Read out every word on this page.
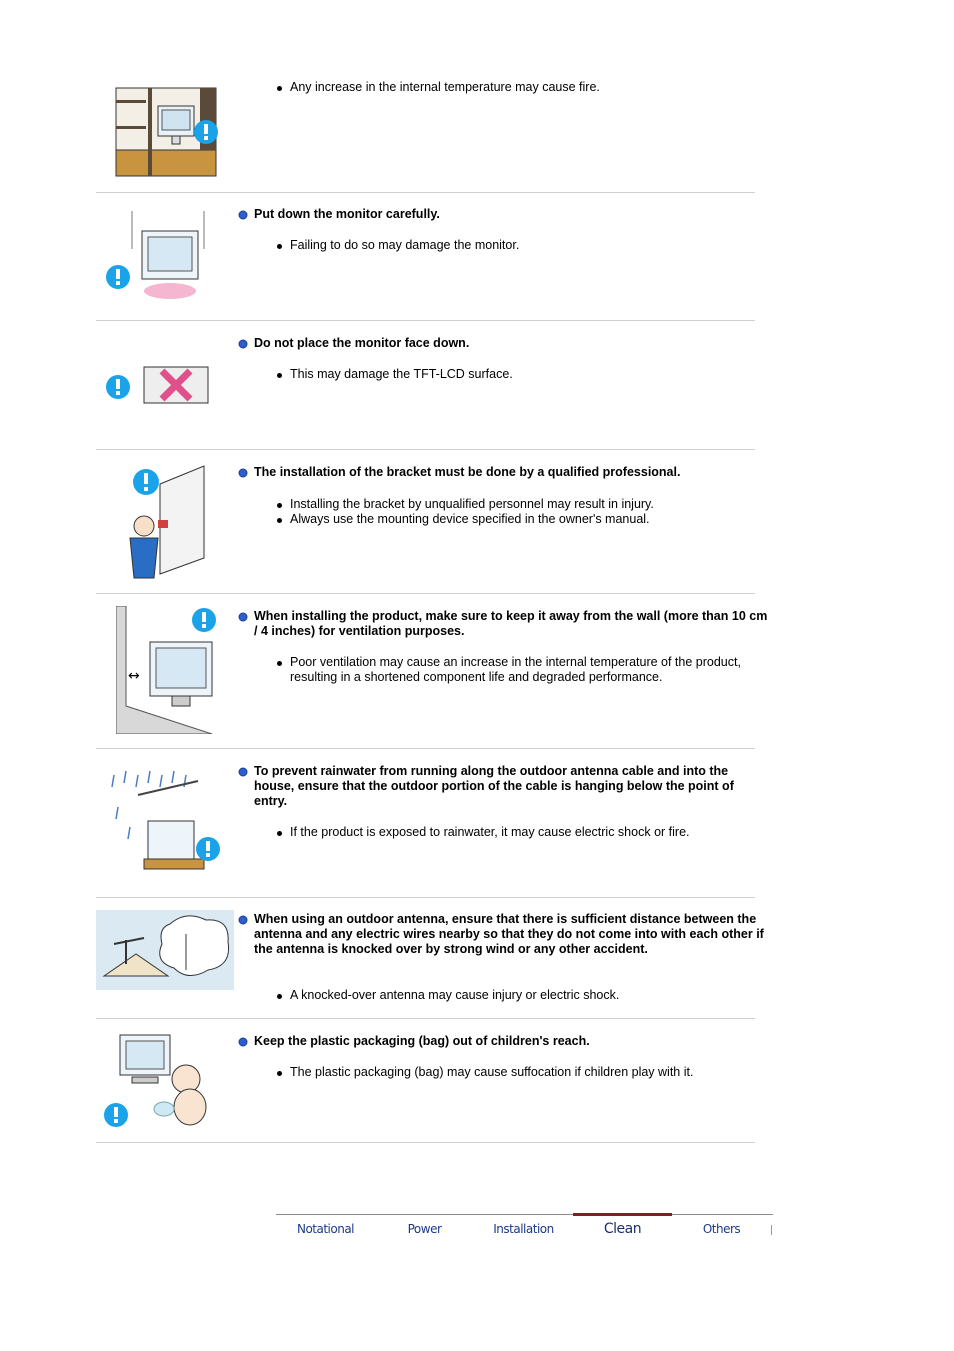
Any increase in the internal temperature may cause fire.
Put down the monitor carefully.
Failing to do so may damage the monitor.
Do not place the monitor face down.
This may damage the TFT-LCD surface.
The installation of the bracket must be done by a qualified professional.
Installing the bracket by unqualified personnel may result in injury.
Always use the mounting device specified in the owner's manual.
↔
When installing the product, make sure to keep it away from the wall (more than 10 cm / 4 inches) for ventilation purposes.
Poor ventilation may cause an increase in the internal temperature of the product, resulting in a shortened component life and degraded performance.
To prevent rainwater from running along the outdoor antenna cable and into the house, ensure that the outdoor portion of the cable is hanging below the point of entry.
If the product is exposed to rainwater, it may cause electric shock or fire.
When using an outdoor antenna, ensure that there is sufficient distance between the antenna and any electric wires nearby so that they do not come into with each other if the antenna is knocked over by strong wind or any other accident.
A knocked-over antenna may cause injury or electric shock.
Keep the plastic packaging (bag) out of children's reach.
The plastic packaging (bag) may cause suffocation if children play with it.
Notational	Power	Installation	Clean	Others
